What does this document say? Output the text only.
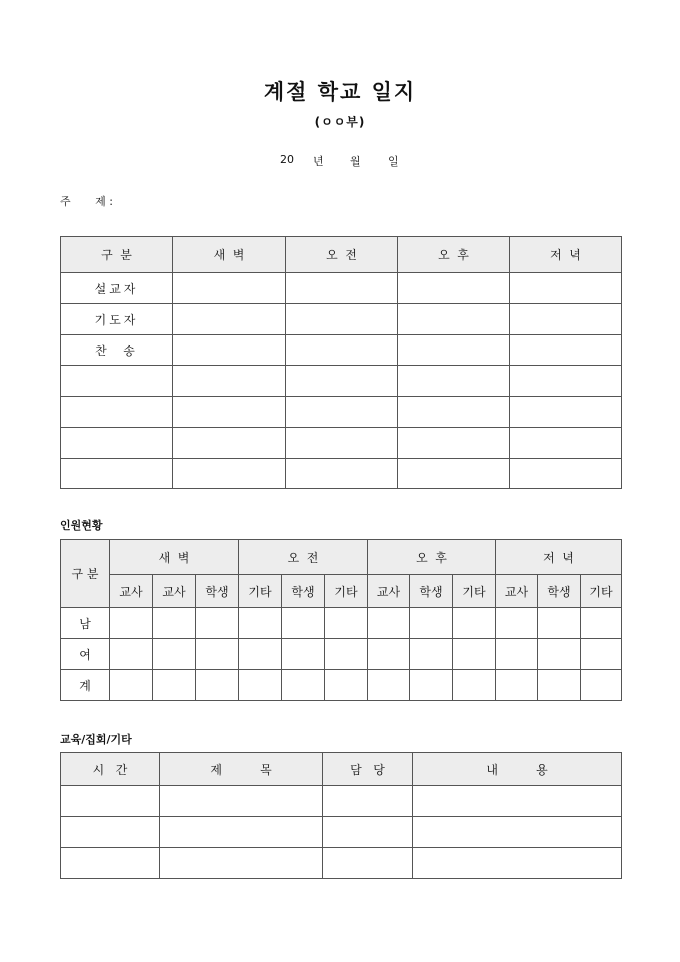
계절 학교 일지
(ㅇㅇ부)
20 년 월 일
주       제 :
구  분	새  벽	오  전	오  후	저  녁
설교자				
기도자				
찬  송				

인원현황
구 분	새  벽			오  전			오  후			저  녁		
	교사	교사	학생	기타	학생	기타	교사	학생	기타	교사	학생	기타
남												
여												
계												
교육/집회/기타
시   간	제          목	담   당	내          용
